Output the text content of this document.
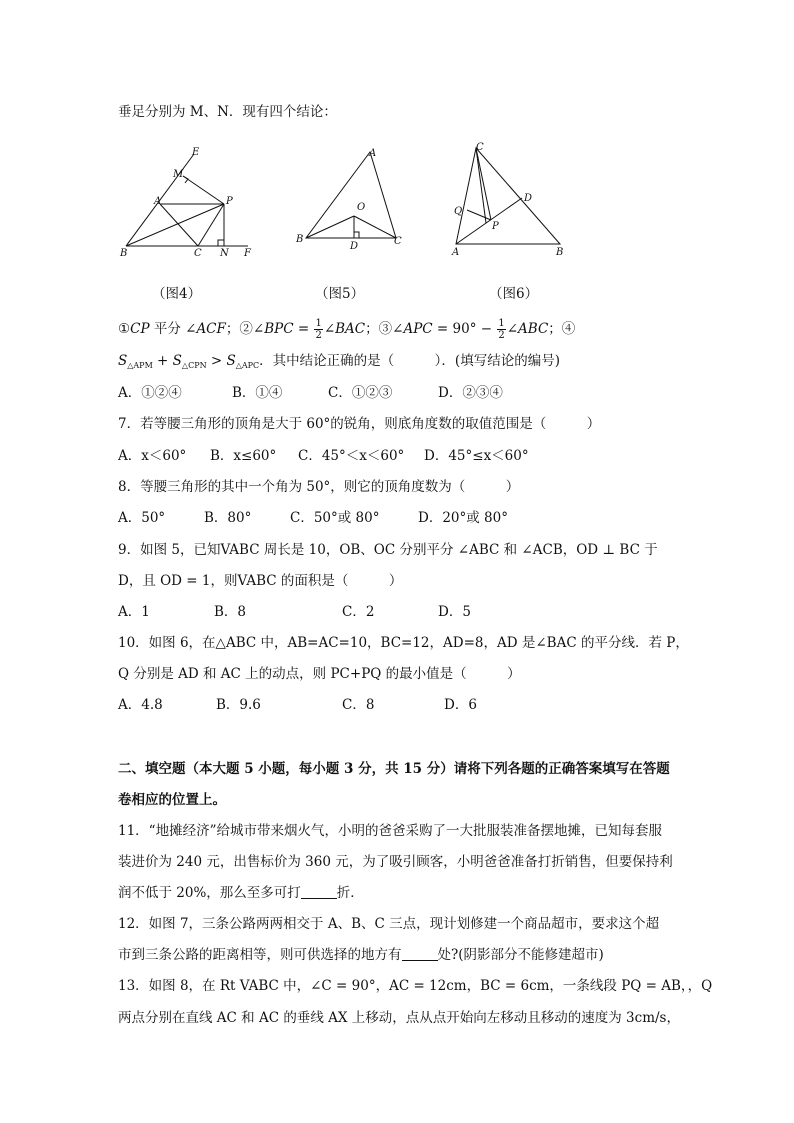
垂足分别为 M、N．现有四个结论：
E
M
A	P
B	C N F
（图4）
A
O
B
D	C
（图5）
C
D
Q
P
A	B
（图6）
①CP 平分 ∠ACF；②∠BPC = $\frac{1}{2}$ ∠BAC；③∠APC = $90^\circ - \frac{1}{2}$ ∠ABC；④
$S_{\triangle APM} + S_{\triangle CPN} > S_{\triangle APC}$．其中结论正确的是（　　　）．(填写结论的编号)
A．①②④	B．①④	C．①②③	D．②③④
7．若等腰三角形的顶角是大于 60°的锐角，则底角度数的取值范围是（　　　）
A．x＜60° B．x≤60° C．45°＜x＜60° D．45°≤x＜60°
8．等腰三角形的其中一个角为 50°，则它的顶角度数为（　　　）
A．50°	B．80°	C．50°或 80°	D．20°或 80°
9．如图 5，已知VABC 周长是 10，OB、OC 分别平分 ∠ABC 和 ∠ACB，OD ⊥ BC 于
D，且 OD = 1，则VABC 的面积是（　　　）
A．1	B．8	C．2	D．5
10．如图 6，在△ABC 中，AB=AC=10，BC=12，AD=8，AD 是∠BAC 的平分线．若 P，
Q 分别是 AD 和 AC 上的动点，则 PC+PQ 的最小值是（　　　）
A．4.8	B．9.6	C．8	D．6
二、填空题（本大题 5 小题，每小题 3 分，共 15 分）请将下列各题的正确答案填写在答题
卷相应的位置上。
11．“地摊经济”给城市带来烟火气，小明的爸爸采购了一大批服装准备摆地摊，已知每套服
装进价为 240 元，出售标价为 360 元，为了吸引顾客，小明爸爸准备打折销售，但要保持利
润不低于 20%，那么至多可打	折．
12．如图 7，三条公路两两相交于 A、B、C 三点，现计划修建一个商品超市，要求这个超
市到三条公路的距离相等，则可供选择的地方有	处?(阴影部分不能修建超市)
13．如图 8，在 Rt VABC 中，∠C = 90°，AC = 12cm，BC = 6cm，一条线段 PQ = AB，，Q
两点分别在直线 AC 和 AC 的垂线 AX 上移动，点从点开始向左移动且移动的速度为 3cm/s，
